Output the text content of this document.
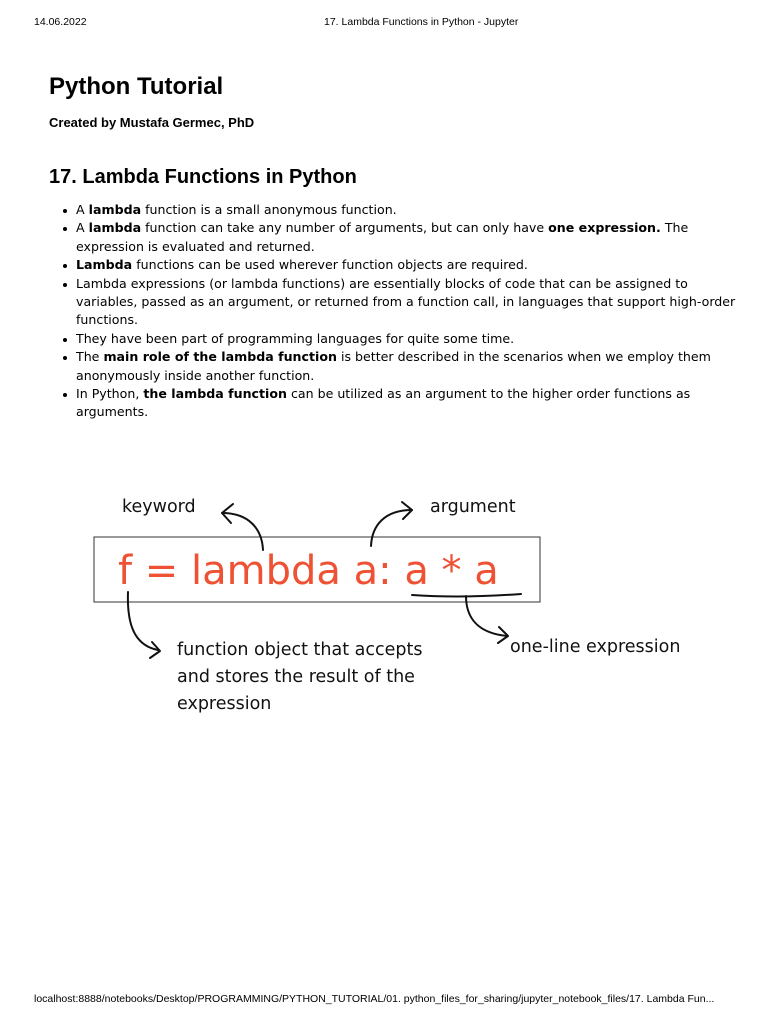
14.06.2022	17. Lambda Functions in Python - Jupyter
Python Tutorial

Created by Mustafa Germec, PhD

17. Lambda Functions in Python
A lambda function is a small anonymous function.
A lambda function can take any number of arguments, but can only have one expression. The expression is evaluated and returned.
Lambda functions can be used wherever function objects are required.
Lambda expressions (or lambda functions) are essentially blocks of code that can be assigned to variables, passed as an argument, or returned from a function call, in languages that support high-order functions.
They have been part of programming languages for quite some time.
The main role of the lambda function is better described in the scenarios when we employ them anonymously inside another function.
In Python, the lambda function can be utilized as an argument to the higher order functions as arguments.
f = lambda a: a * a
keyword	argument
function object that accepts
and stores the result of the
expression
one-line expression
localhost:8888/notebooks/Desktop/PROGRAMMING/PYTHON_TUTORIAL/01. python_files_for_sharing/jupyter_notebook_files/17. Lambda Fun...
